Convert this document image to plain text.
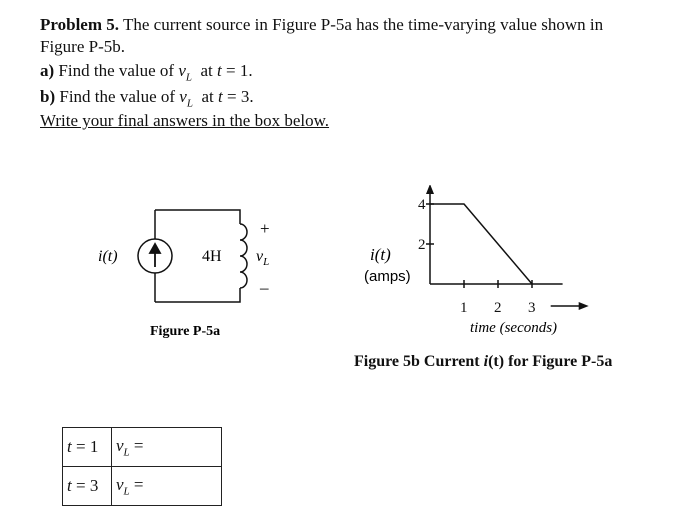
Problem 5. The current source in Figure P-5a has the time-varying value shown in
Figure P-5b.
a) Find the value of $v_L$ at t = 1.
b) Find the value of $v_L$ at t = 3.
Write your final answers in the box below.
i(t)	4H
+
–
$v_L$
Figure P-5a
2
4
1 2 3
i(t)
(amps)
time (seconds)
Figure 5b Current i(t) for Figure P-5a
t = 1	$v_L$ =
t = 3	$v_L$ =
